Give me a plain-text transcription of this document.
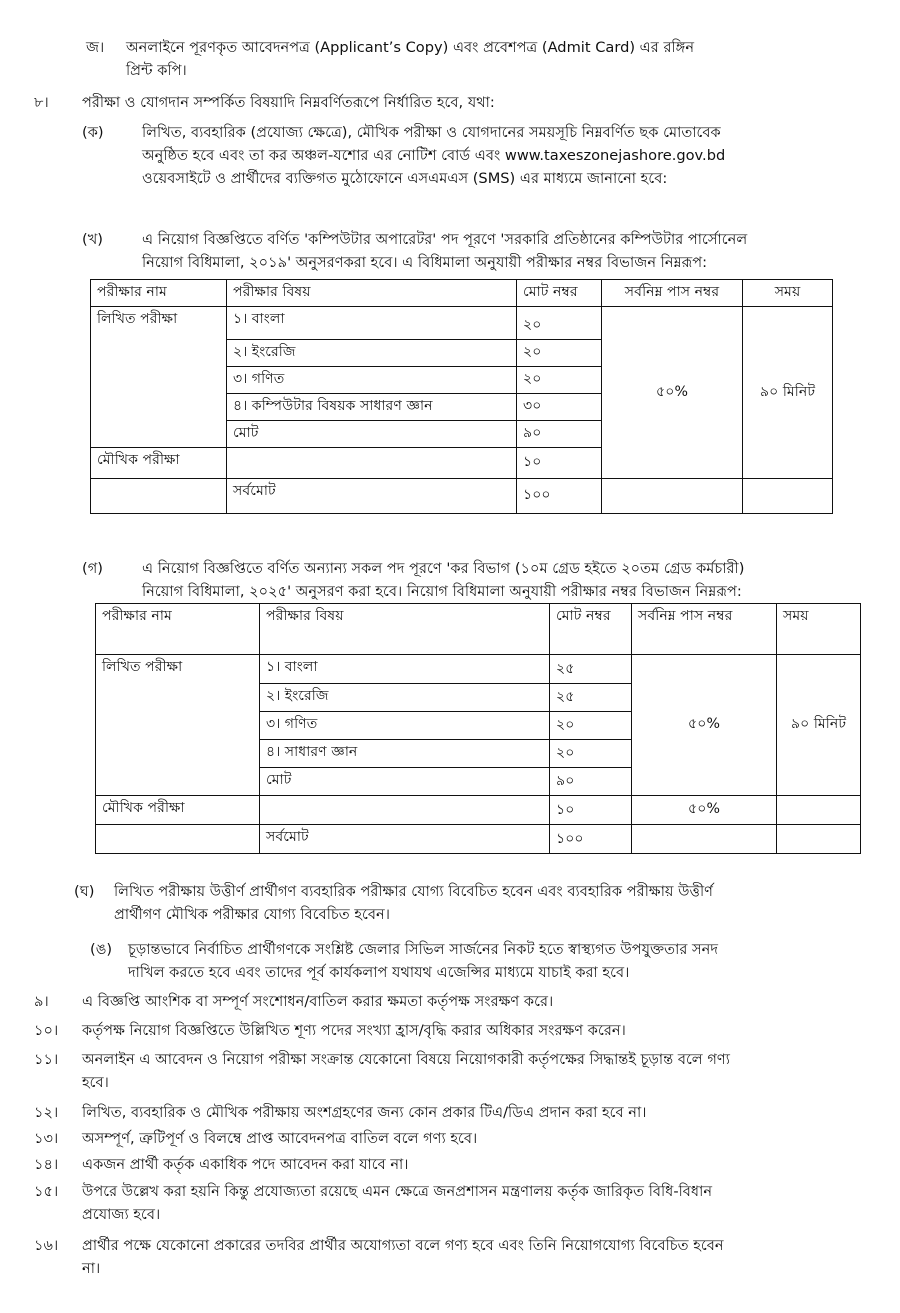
জ।	অনলাইনে পূরণকৃত আবেদনপত্র (Applicant’s Copy) এবং প্রবেশপত্র (Admit Card) এর রঙ্গিন
প্রিন্ট কপি।
৮।	পরীক্ষা ও যোগদান সম্পর্কিত বিষয়াদি নিম্নবর্ণিতরূপে নির্ধারিত হবে, যথা:
(ক)	লিখিত, ব্যবহারিক (প্রযোজ্য ক্ষেত্রে), মৌখিক পরীক্ষা ও যোগদানের সময়সূচি নিম্নবর্ণিত ছক মোতাবেক
অনুষ্ঠিত হবে এবং তা কর অঞ্চল-যশোর এর নোটিশ বোর্ড এবং www.taxeszonejashore.gov.bd
ওয়েবসাইটে ও প্রার্থীদের ব্যক্তিগত মুঠোফোনে এসএমএস (SMS) এর মাধ্যমে জানানো হবে:
(খ)	এ নিয়োগ বিজ্ঞপ্তিতে বর্ণিত 'কম্পিউটার অপারেটর' পদ পূরণে 'সরকারি প্রতিষ্ঠানের কম্পিউটার পার্সোনেল
নিয়োগ বিধিমালা, ২০১৯' অনুসরণকরা হবে। এ বিধিমালা অনুযায়ী পরীক্ষার নম্বর বিভাজন নিম্নরূপ:
পরীক্ষার নাম	পরীক্ষার বিষয়	মোট নম্বর	সর্বনিম্ন পাস নম্বর	সময়
লিখিত পরীক্ষা	১। বাংলা	২০	৫০%	৯০ মিনিট
	২। ইংরেজি	২০		
	৩। গণিত	২০		
	৪। কম্পিউটার বিষয়ক সাধারণ জ্ঞান	৩০		
	মোট	৯০		
মৌখিক পরীক্ষা		১০		
	সর্বমোট	১০০		
(গ)	এ নিয়োগ বিজ্ঞপ্তিতে বর্ণিত অন্যান্য সকল পদ পূরণে 'কর বিভাগ (১০ম গ্রেড হইতে ২০তম গ্রেড কর্মচারী)
নিয়োগ বিধিমালা, ২০২৫' অনুসরণ করা হবে। নিয়োগ বিধিমালা অনুযায়ী পরীক্ষার নম্বর বিভাজন নিম্নরূপ:
পরীক্ষার নাম	পরীক্ষার বিষয়	মোট নম্বর	সর্বনিম্ন পাস নম্বর	সময়
লিখিত পরীক্ষা	১। বাংলা	২৫	৫০%	৯০ মিনিট
	২। ইংরেজি	২৫		
	৩। গণিত	২০		
	৪। সাধারণ জ্ঞান	২০		
	মোট	৯০		
মৌখিক পরীক্ষা		১০	৫০%	
	সর্বমোট	১০০		
(ঘ)	লিখিত পরীক্ষায় উত্তীর্ণ প্রার্থীগণ ব্যবহারিক পরীক্ষার যোগ্য বিবেচিত হবেন এবং ব্যবহারিক পরীক্ষায় উত্তীর্ণ
প্রার্থীগণ মৌখিক পরীক্ষার যোগ্য বিবেচিত হবেন।
(ঙ)	চূড়ান্তভাবে নির্বাচিত প্রার্থীগণকে সংশ্লিষ্ট জেলার সিভিল সার্জনের নিকট হতে স্বাস্থ্যগত উপযুক্ততার সনদ
দাখিল করতে হবে এবং তাদের পূর্ব কার্যকলাপ যথাযথ এজেন্সির মাধ্যমে যাচাই করা হবে।
৯।	এ বিজ্ঞপ্তি আংশিক বা সম্পূর্ণ সংশোধন/বাতিল করার ক্ষমতা কর্তৃপক্ষ সংরক্ষণ করে।
১০।	কর্তৃপক্ষ নিয়োগ বিজ্ঞপ্তিতে উল্লিখিত শূণ্য পদের সংখ্যা হ্রাস/বৃদ্ধি করার অধিকার সংরক্ষণ করেন।
১১।	অনলাইন এ আবেদন ও নিয়োগ পরীক্ষা সংক্রান্ত যেকোনো বিষয়ে নিয়োগকারী কর্তৃপক্ষের সিদ্ধান্তই চূড়ান্ত বলে গণ্য
হবে।
১২।	লিখিত, ব্যবহারিক ও মৌখিক পরীক্ষায় অংশগ্রহণের জন্য কোন প্রকার টিএ/ডিএ প্রদান করা হবে না।
১৩।	অসম্পূর্ণ, ত্রুটিপূর্ণ ও বিলম্বে প্রাপ্ত আবেদনপত্র বাতিল বলে গণ্য হবে।
১৪।	একজন প্রার্থী কর্তৃক একাধিক পদে আবেদন করা যাবে না।
১৫।	উপরে উল্লেখ করা হয়নি কিন্তু প্রযোজ্যতা রয়েছে এমন ক্ষেত্রে জনপ্রশাসন মন্ত্রণালয় কর্তৃক জারিকৃত বিধি-বিধান
প্রযোজ্য হবে।
১৬।	প্রার্থীর পক্ষে যেকোনো প্রকারের তদবির প্রার্থীর অযোগ্যতা বলে গণ্য হবে এবং তিনি নিয়োগযোগ্য বিবেচিত হবেন
না।
